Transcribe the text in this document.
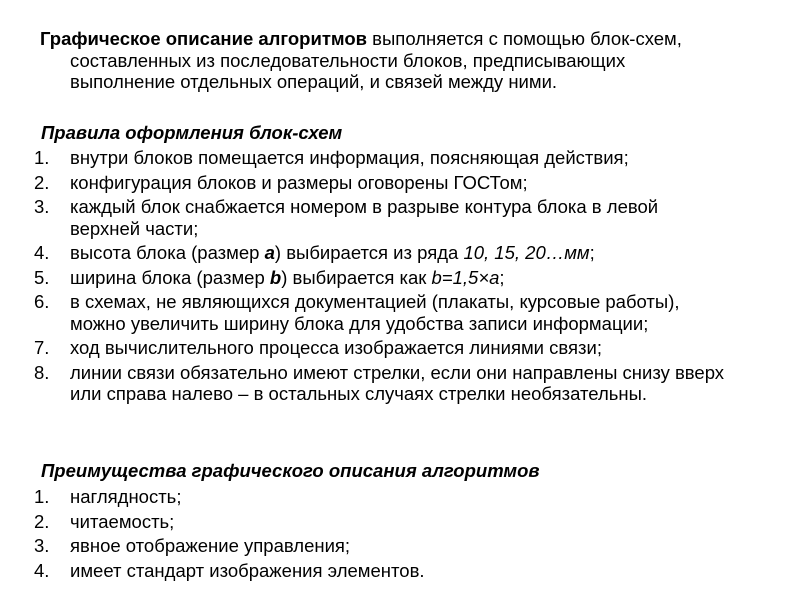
Графическое описание алгоритмов выполняется с помощью блок-схем, составленных из последовательности блоков, предписывающих выполнение отдельных операций, и связей между ними.

Правила оформления блок-схем

1.	внутри блоков помещается информация, поясняющая действия;
2.	конфигурация блоков и размеры оговорены ГОСТом;
3.	каждый блок снабжается номером в разрыве контура блока в левой верхней части;
4.	высота блока (размер a) выбирается из ряда 10, 15, 20…мм;
5.	ширина блока (размер b) выбирается как b=1,5×a;
6.	в схемах, не являющихся документацией (плакаты, курсовые работы), можно увеличить ширину блока для удобства записи информации;
7.	ход вычислительного процесса изображается линиями связи;
8.	линии связи обязательно имеют стрелки, если они направлены снизу вверх или справа налево – в остальных случаях стрелки необязательны.

Преимущества графического описания алгоритмов

1.	наглядность;
2.	читаемость;
3.	явное отображение управления;
4.	имеет стандарт изображения элементов.
